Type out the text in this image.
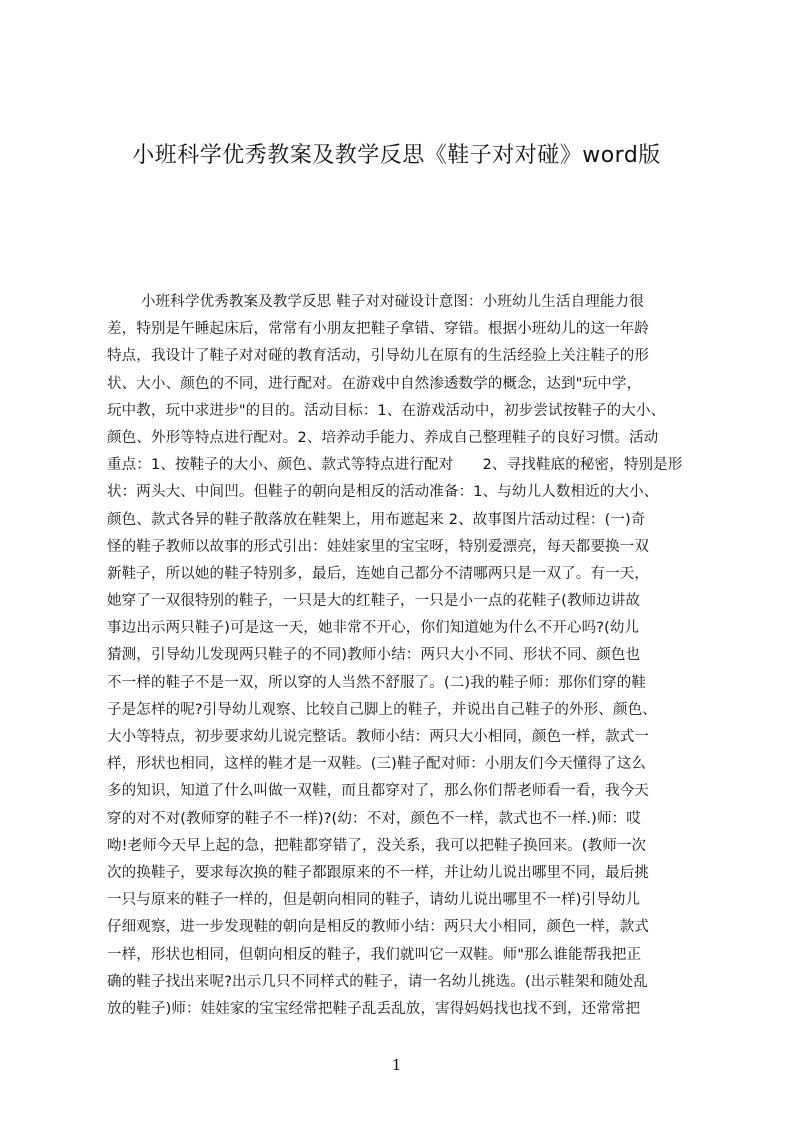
小班科学优秀教案及教学反思《鞋子对对碰》word版
小班科学优秀教案及教学反思 鞋子对对碰设计意图：小班幼儿生活自理能力很
差，特别是午睡起床后，常常有小朋友把鞋子拿错、穿错。根据小班幼儿的这一年龄
特点，我设计了鞋子对对碰的教育活动，引导幼儿在原有的生活经验上关注鞋子的形
状、大小、颜色的不同，进行配对。在游戏中自然渗透数学的概念，达到"玩中学，
玩中教，玩中求进步"的目的。活动目标：1、在游戏活动中，初步尝试按鞋子的大小、
颜色、外形等特点进行配对。2、培养动手能力、养成自己整理鞋子的良好习惯。活动
重点：1、按鞋子的大小、颜色、款式等特点进行配对　　2、寻找鞋底的秘密，特别是形
状：两头大、中间凹。但鞋子的朝向是相反的活动准备：1、与幼儿人数相近的大小、
颜色、款式各异的鞋子散落放在鞋架上，用布遮起来 2、故事图片活动过程：(一)奇
怪的鞋子教师以故事的形式引出：娃娃家里的宝宝呀，特别爱漂亮，每天都要换一双
新鞋子，所以她的鞋子特别多，最后，连她自己都分不清哪两只是一双了。有一天，
她穿了一双很特别的鞋子，一只是大的红鞋子，一只是小一点的花鞋子(教师边讲故
事边出示两只鞋子)可是这一天，她非常不开心，你们知道她为什么不开心吗?(幼儿
猜测，引导幼儿发现两只鞋子的不同)教师小结：两只大小不同、形状不同、颜色也
不一样的鞋子不是一双，所以穿的人当然不舒服了。(二)我的鞋子师：那你们穿的鞋
子是怎样的呢?引导幼儿观察、比较自己脚上的鞋子，并说出自己鞋子的外形、颜色、
大小等特点，初步要求幼儿说完整话。教师小结：两只大小相同，颜色一样，款式一
样，形状也相同，这样的鞋才是一双鞋。(三)鞋子配对师：小朋友们今天懂得了这么
多的知识，知道了什么叫做一双鞋，而且都穿对了，那么你们帮老师看一看，我今天
穿的对不对(教师穿的鞋子不一样)?(幼：不对，颜色不一样，款式也不一样.)师：哎
呦!老师今天早上起的急，把鞋都穿错了，没关系，我可以把鞋子换回来。(教师一次
次的换鞋子，要求每次换的鞋子都跟原来的不一样，并让幼儿说出哪里不同，最后挑
一只与原来的鞋子一样的，但是朝向相同的鞋子，请幼儿说出哪里不一样)引导幼儿
仔细观察，进一步发现鞋的朝向是相反的教师小结：两只大小相同，颜色一样，款式
一样，形状也相同，但朝向相反的鞋子，我们就叫它一双鞋。师"那么谁能帮我把正
确的鞋子找出来呢?出示几只不同样式的鞋子，请一名幼儿挑选。(出示鞋架和随处乱
放的鞋子)师：娃娃家的宝宝经常把鞋子乱丢乱放，害得妈妈找也找不到，还常常把
1
